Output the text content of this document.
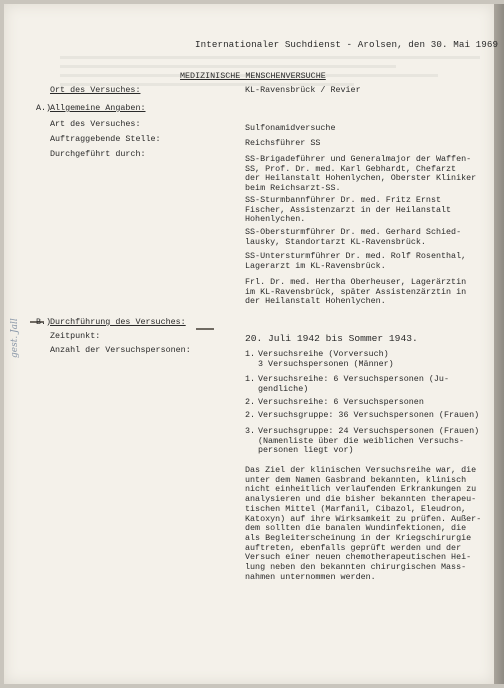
Internationaler Suchdienst - Arolsen, den 30. Mai 1969
MEDIZINISCHE MENSCHENVERSUCHE
Ort des Versuches:	KL-Ravensbrück / Revier
A.)
Allgemeine Angaben:
Art des Versuches:	Sulfonamidversuche
Auftraggebende Stelle:	Reichsführer SS
Durchgeführt durch:	SS-Brigadeführer und Generalmajor der Waffen-
SS, Prof. Dr. med. Karl Gebhardt, Chefarzt
der Heilanstalt Hohenlychen, Oberster Kliniker
beim Reichsarzt-SS.
SS-Sturmbannführer Dr. med. Fritz Ernst
Fischer, Assistenzarzt in der Heilanstalt
Hohenlychen.
SS-Obersturmführer Dr. med. Gerhard Schied-
lausky, Standortarzt KL-Ravensbrück.
SS-Untersturmführer Dr. med. Rolf Rosenthal,
Lagerarzt im KL-Ravensbrück.
Frl. Dr. med. Hertha Oberheuser, Lagerärztin
im KL-Ravensbrück, später Assistenzärztin in
der Heilanstalt Hohenlychen.
gest. Jall	B.)
Durchführung des Versuches:
Zeitpunkt:	20. Juli 1942 bis Sommer 1943.
Anzahl der Versuchspersonen:	1. Versuchsreihe (Vorversuch)
3 Versuchspersonen (Männer)
1. Versuchsreihe: 6 Versuchspersonen (Ju-
gendliche)
2. Versuchsreihe: 6 Versuchspersonen
2. Versuchsgruppe: 36 Versuchspersonen (Frauen)
3. Versuchsgruppe: 24 Versuchspersonen (Frauen)
(Namenliste über die weiblichen Versuchs-
personen liegt vor)
Das Ziel der klinischen Versuchsreihe war, die
unter dem Namen Gasbrand bekannten, klinisch
nicht einheitlich verlaufenden Erkrankungen zu
analysieren und die bisher bekannten therapeu-
tischen Mittel (Marfanil, Cibazol, Eleudron,
Katoxyn) auf ihre Wirksamkeit zu prüfen. Außer-
dem sollten die banalen Wundinfektionen, die
als Begleiterscheinung in der Kriegschirurgie
auftreten, ebenfalls geprüft werden und der
Versuch einer neuen chemotherapeutischen Hei-
lung neben den bekannten chirurgischen Mass-
nahmen unternommen werden.
